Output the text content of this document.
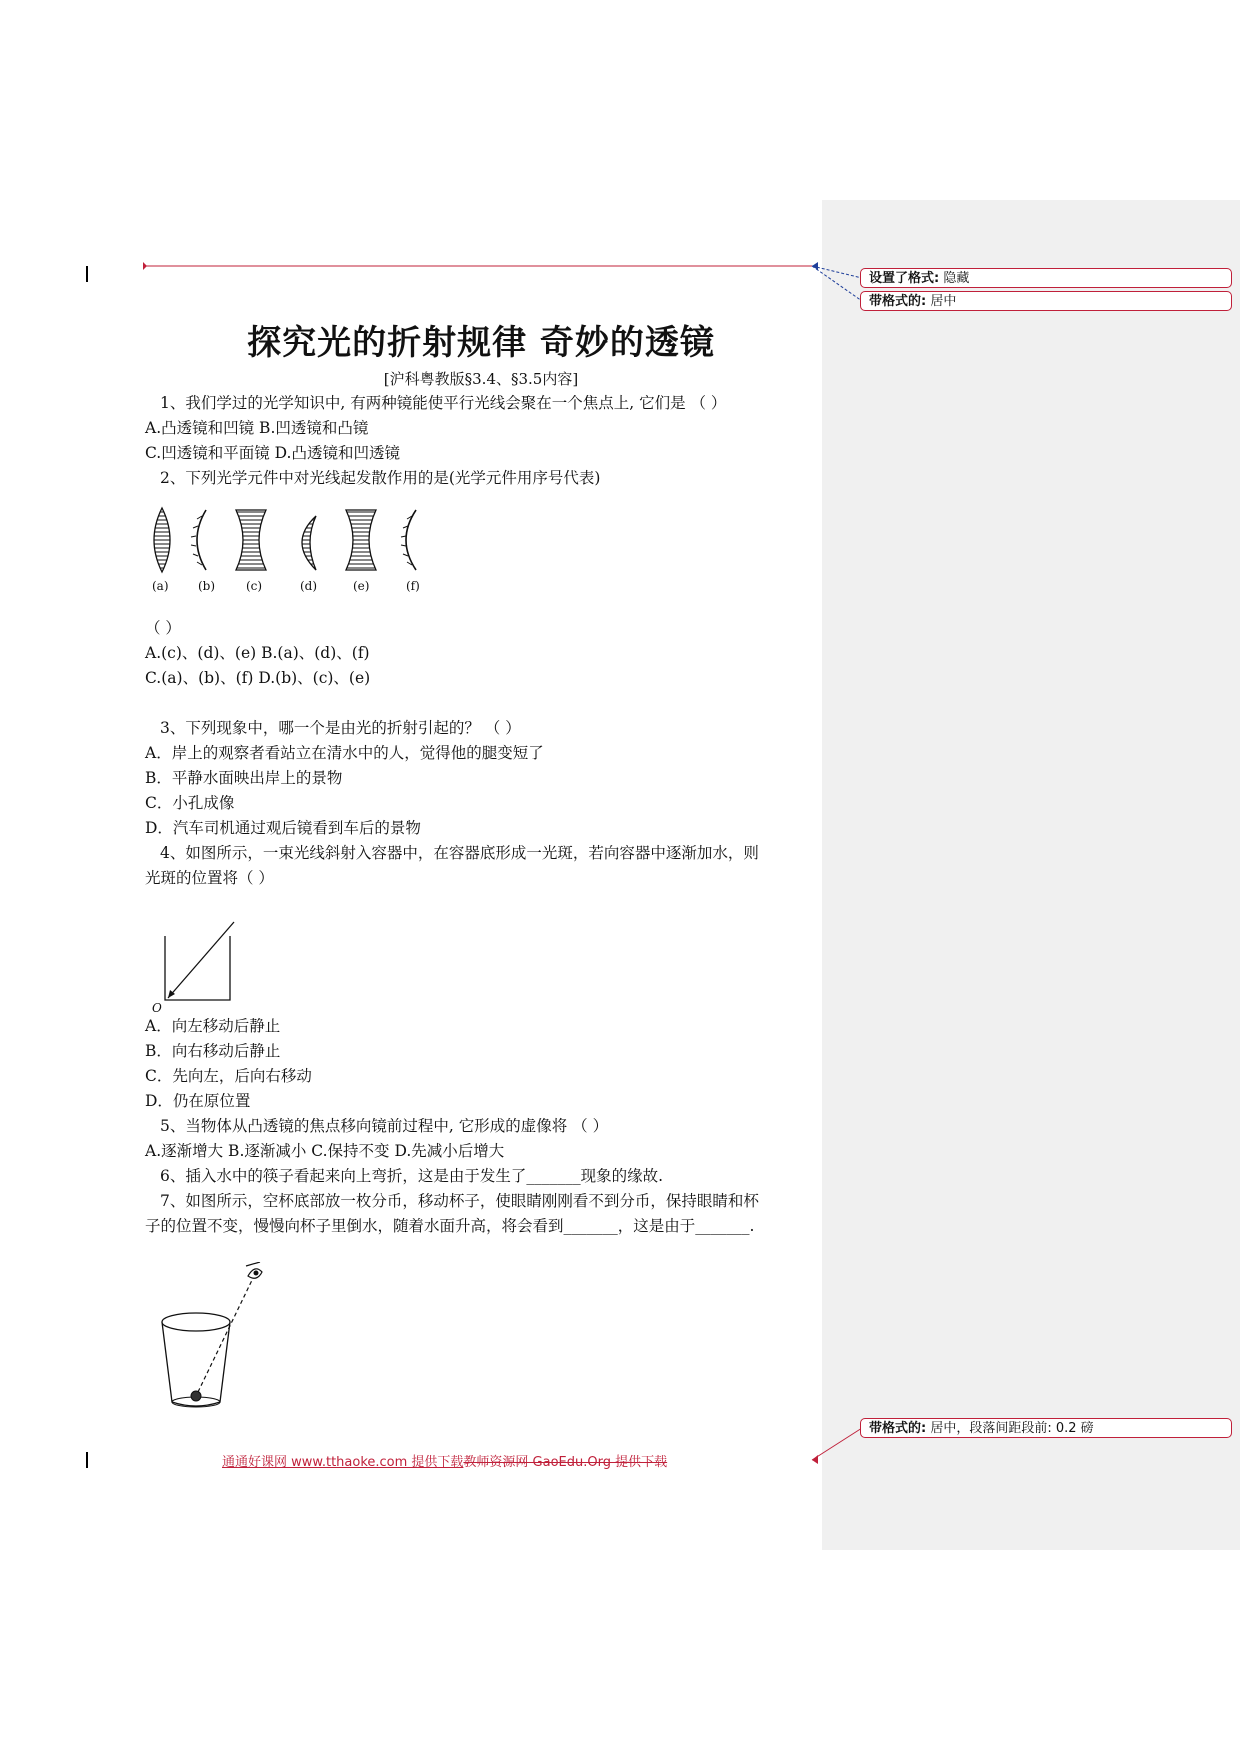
设置了格式: 隐藏
带格式的: 居中
带格式的: 居中，段落间距段前: 0.2 磅
探究光的折射规律 奇妙的透镜
[沪科粤教版§3.4、§3.5内容]
1、我们学过的光学知识中, 有两种镜能使平行光线会聚在一个焦点上, 它们是 （ ）
A.凸透镜和凹镜 B.凹透镜和凸镜
C.凹透镜和平面镜 D.凸透镜和凹透镜
2、下列光学元件中对光线起发散作用的是(光学元件用序号代表)
(a) (b)	(c)	(d)	(e)	(f)
（ ）
A.(c)、(d)、(e) B.(a)、(d)、(f)
C.(a)、(b)、(f) D.(b)、(c)、(e)
3、下列现象中，哪一个是由光的折射引起的？ （ ）
A．岸上的观察者看站立在清水中的人，觉得他的腿变短了
B．平静水面映出岸上的景物
C．小孔成像
D．汽车司机通过观后镜看到车后的景物
4、如图所示，一束光线斜射入容器中，在容器底形成一光斑，若向容器中逐渐加水，则
光斑的位置将（ ）
O
A．向左移动后静止
B．向右移动后静止
C．先向左，后向右移动
D．仍在原位置
5、当物体从凸透镜的焦点移向镜前过程中, 它形成的虚像将 （ ）
A.逐渐增大 B.逐渐减小 C.保持不变 D.先减小后增大
6、插入水中的筷子看起来向上弯折，这是由于发生了_______现象的缘故.
7、如图所示，空杯底部放一枚分币，移动杯子，使眼睛刚刚看不到分币，保持眼睛和杯
子的位置不变，慢慢向杯子里倒水，随着水面升高，将会看到_______，这是由于_______.
通通好课网 www.tthaoke.com 提供下载教师资源网 GaoEdu.Org 提供下载
